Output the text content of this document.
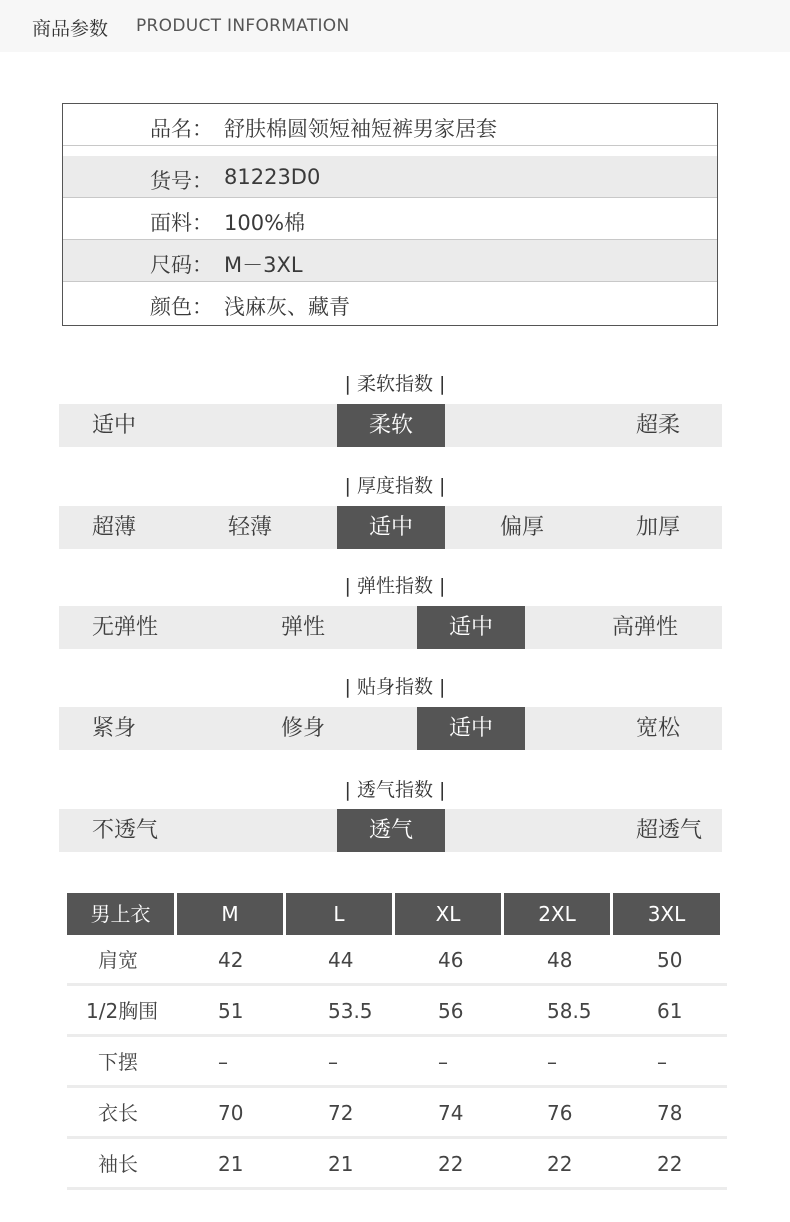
商品参数 PRODUCT INFORMATION
品名： 舒肤棉圆领短袖短裤男家居套
货号： 81223D0
面料： 100%棉
尺码： M－3XL
颜色： 浅麻灰、藏青
| 柔软指数 |
适中	柔软	超柔
| 厚度指数 |
超薄	轻薄	适中	偏厚	加厚
| 弹性指数 |
无弹性	弹性	适中	高弹性
| 贴身指数 |
紧身	修身	适中	宽松
| 透气指数 |
不透气	透气	超透气
男上衣	M	L	XL	2XL	3XL
肩宽	42	44	46	48	50
1/2胸围	51	53.5	56	58.5	61
下摆	–	–	–	–	–
衣长	70	72	74	76	78
袖长	21	21	22	22	22
